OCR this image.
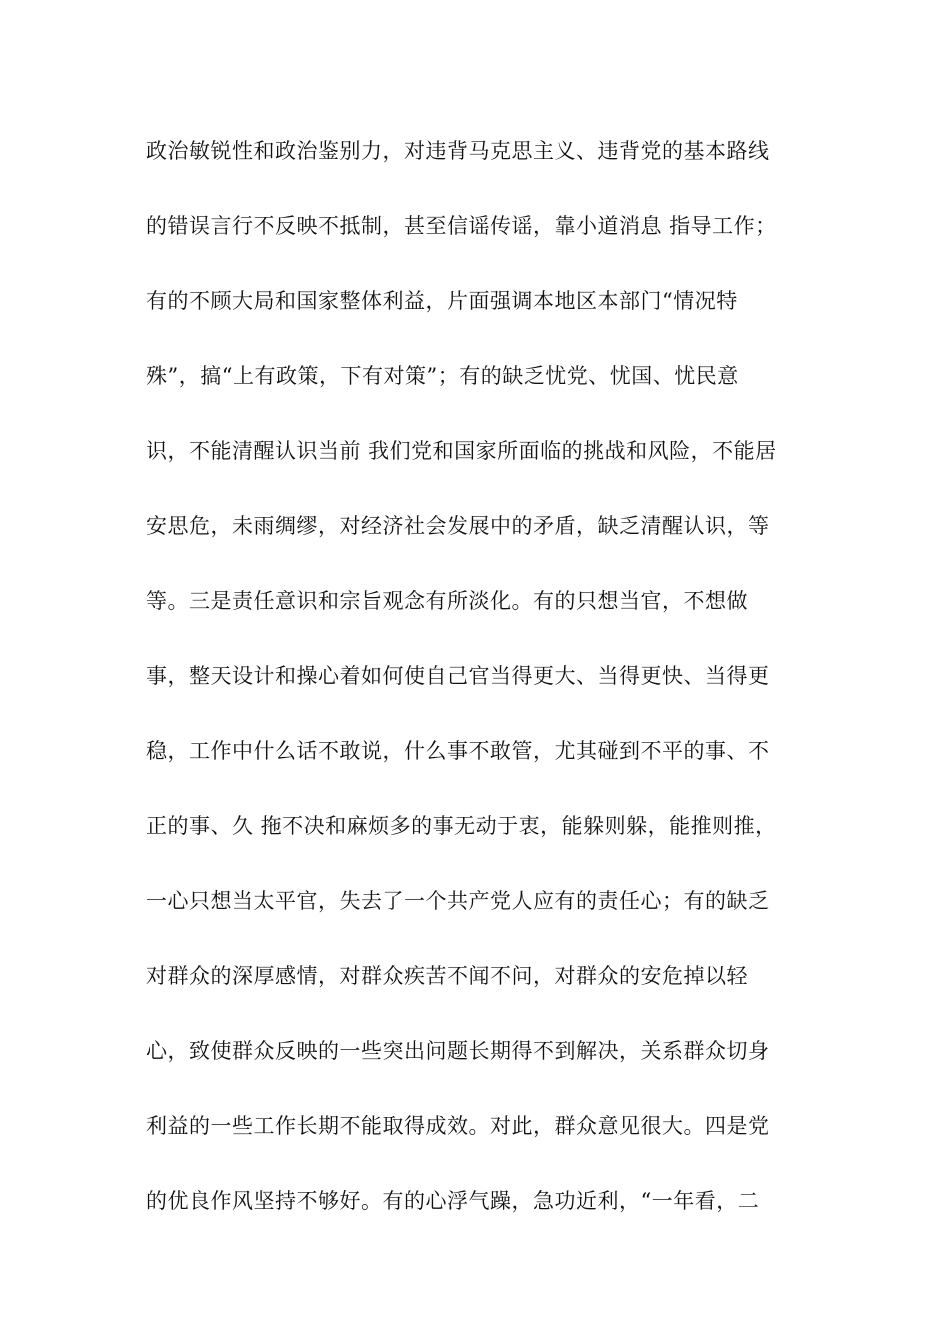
政治敏锐性和政治鉴别力，对违背马克思主义、违背党的基本路线
的错误言行不反映不抵制，甚至信谣传谣，靠小道消息 指导工作；
有的不顾大局和国家整体利益，片面强调本地区本部门“情况特
殊”，搞“上有政策，下有对策”；有的缺乏忧党、忧国、忧民意
识，不能清醒认识当前 我们党和国家所面临的挑战和风险，不能居
安思危，未雨绸缪，对经济社会发展中的矛盾，缺乏清醒认识，等
等。三是责任意识和宗旨观念有所淡化。有的只想当官，不想做
事，整天设计和操心着如何使自己官当得更大、当得更快、当得更
稳，工作中什么话不敢说，什么事不敢管，尤其碰到不平的事、不
正的事、久 拖不决和麻烦多的事无动于衷，能躲则躲，能推则推，
一心只想当太平官，失去了一个共产党人应有的责任心；有的缺乏
对群众的深厚感情，对群众疾苦不闻不问，对群众的安危掉以轻
心，致使群众反映的一些突出问题长期得不到解决，关系群众切身
利益的一些工作长期不能取得成效。对此，群众意见很大。四是党
的优良作风坚持不够好。有的心浮气躁，急功近利，“一年看，二
